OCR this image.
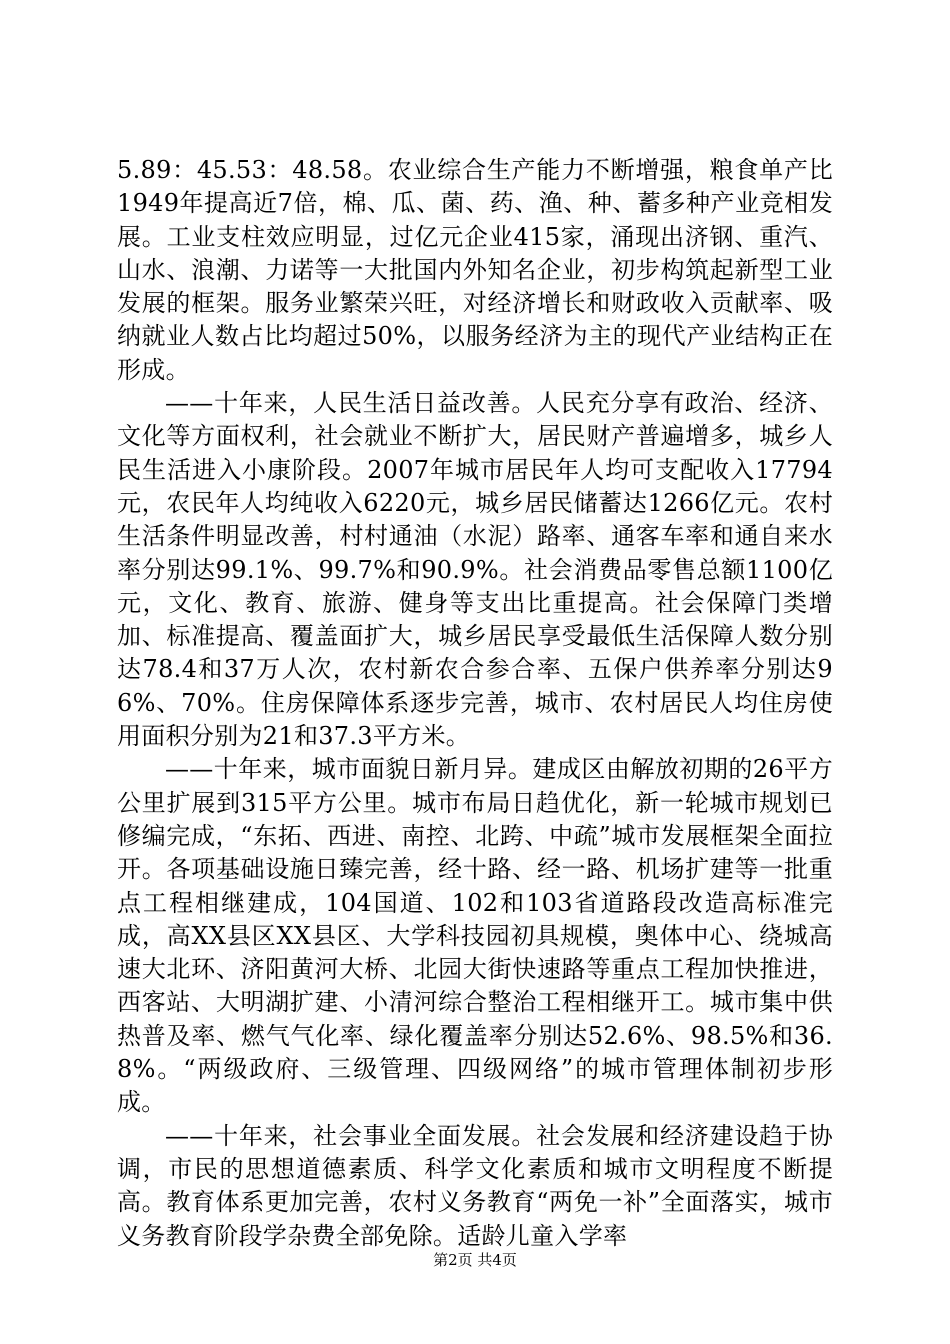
5.89：45.53：48.58。农业综合生产能力不断增强，粮食单产比1949年提高近7倍，棉、瓜、菌、药、渔、种、蓄多种产业竞相发展。工业支柱效应明显，过亿元企业415家，涌现出济钢、重汽、山水、浪潮、力诺等一大批国内外知名企业，初步构筑起新型工业发展的框架。服务业繁荣兴旺，对经济增长和财政收入贡献率、吸纳就业人数占比均超过50%，以服务经济为主的现代产业结构正在形成。

——十年来，人民生活日益改善。人民充分享有政治、经济、文化等方面权利，社会就业不断扩大，居民财产普遍增多，城乡人民生活进入小康阶段。2007年城市居民年人均可支配收入17794元，农民年人均纯收入6220元，城乡居民储蓄达1266亿元。农村生活条件明显改善，村村通油（水泥）路率、通客车率和通自来水率分别达99.1%、99.7%和90.9%。社会消费品零售总额1100亿元，文化、教育、旅游、健身等支出比重提高。社会保障门类增加、标准提高、覆盖面扩大，城乡居民享受最低生活保障人数分别达78.4和37万人次，农村新农合参合率、五保户供养率分别达96%、70%。住房保障体系逐步完善，城市、农村居民人均住房使用面积分别为21和37.3平方米。

——十年来，城市面貌日新月异。建成区由解放初期的26平方公里扩展到315平方公里。城市布局日趋优化，新一轮城市规划已修编完成，“东拓、西进、南控、北跨、中疏”城市发展框架全面拉开。各项基础设施日臻完善，经十路、经一路、机场扩建等一批重点工程相继建成，104国道、102和103省道路段改造高标准完成，高XX县区XX县区、大学科技园初具规模，奥体中心、绕城高速大北环、济阳黄河大桥、北园大街快速路等重点工程加快推进，西客站、大明湖扩建、小清河综合整治工程相继开工。城市集中供热普及率、燃气气化率、绿化覆盖率分别达52.6%、98.5%和36.8%。“两级政府、三级管理、四级网络”的城市管理体制初步形成。

——十年来，社会事业全面发展。社会发展和经济建设趋于协调，市民的思想道德素质、科学文化素质和城市文明程度不断提高。教育体系更加完善，农村义务教育“两免一补”全面落实，城市义务教育阶段学杂费全部免除。适龄儿童入学率

第2页 共4页
